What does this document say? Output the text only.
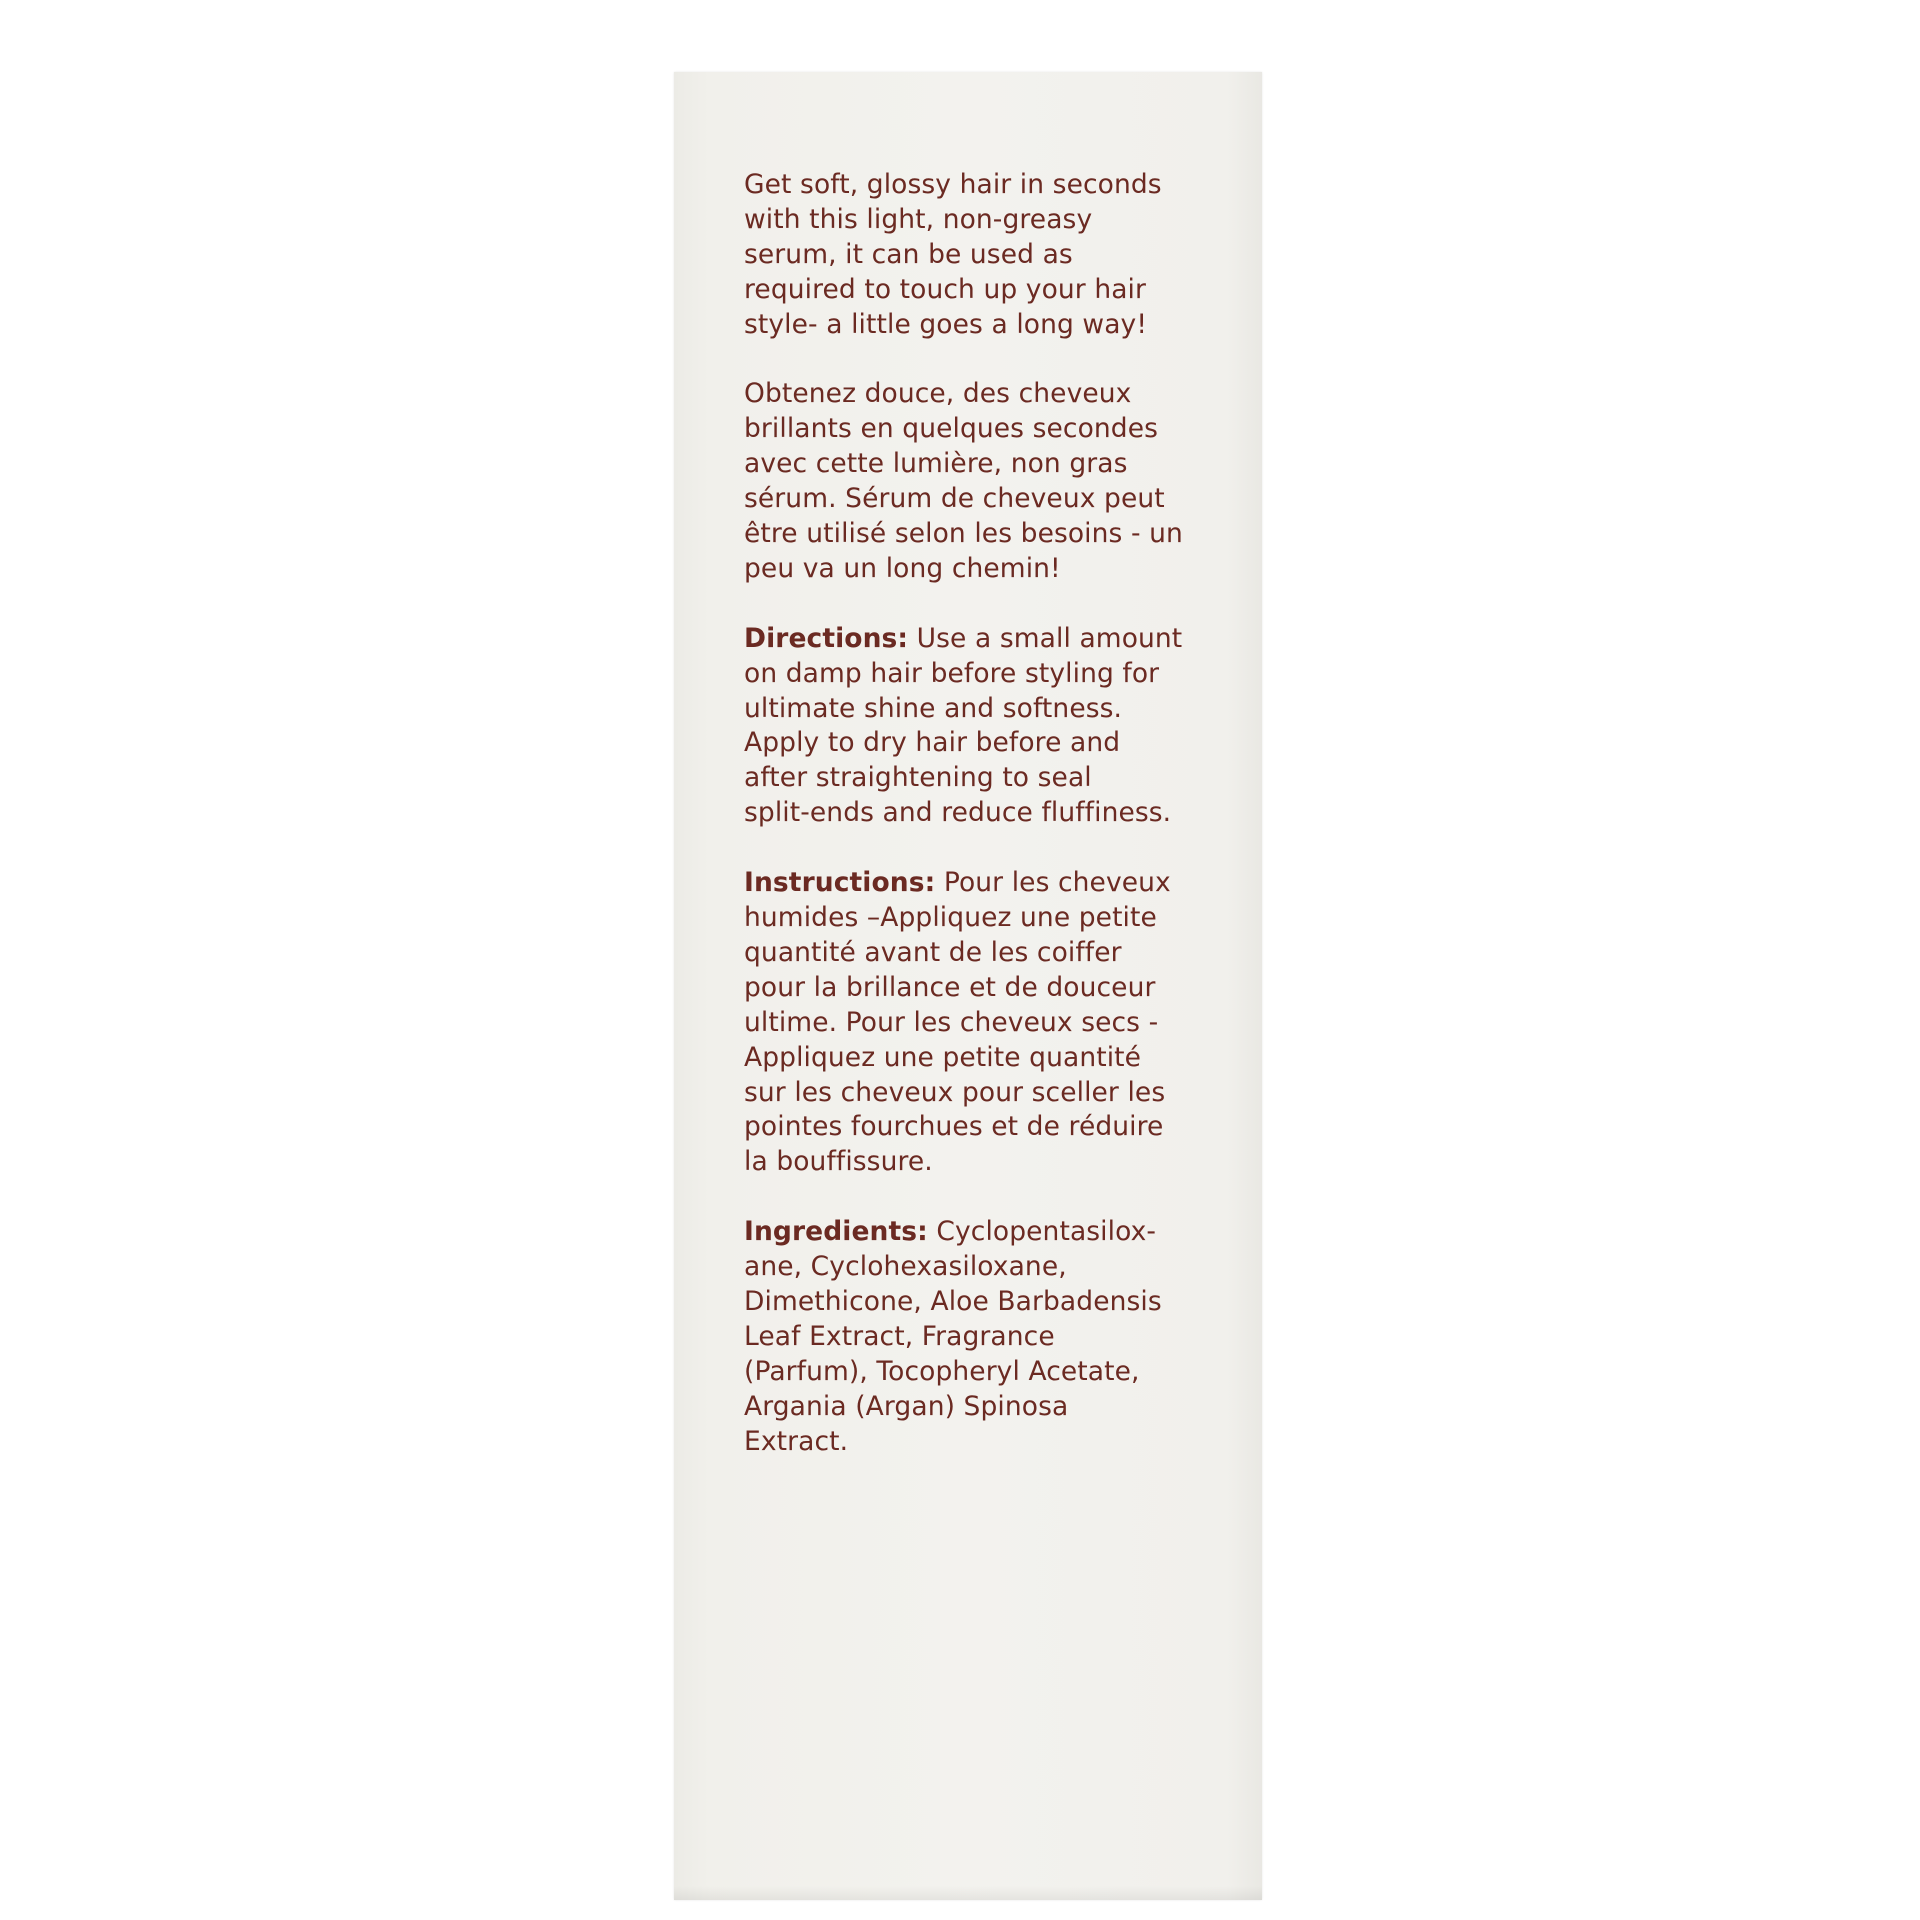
Get soft, glossy hair in seconds
with this light, non-greasy
serum, it can be used as
required to touch up your hair
style- a little goes a long way!

Obtenez douce, des cheveux
brillants en quelques secondes
avec cette lumière, non gras
sérum. Sérum de cheveux peut
être utilisé selon les besoins - un
peu va un long chemin!

Directions: Use a small amount
on damp hair before styling for
ultimate shine and softness.
Apply to dry hair before and
after straightening to seal
split-ends and reduce fluffiness.

Instructions: Pour les cheveux
humides –Appliquez une petite
quantité avant de les coiffer
pour la brillance et de douceur
ultime. Pour les cheveux secs -
Appliquez une petite quantité
sur les cheveux pour sceller les
pointes fourchues et de réduire
la bouffissure.

Ingredients: Cyclopentasilox-
ane, Cyclohexasiloxane,
Dimethicone, Aloe Barbadensis
Leaf Extract, Fragrance
(Parfum), Tocopheryl Acetate,
Argania (Argan) Spinosa
Extract.
